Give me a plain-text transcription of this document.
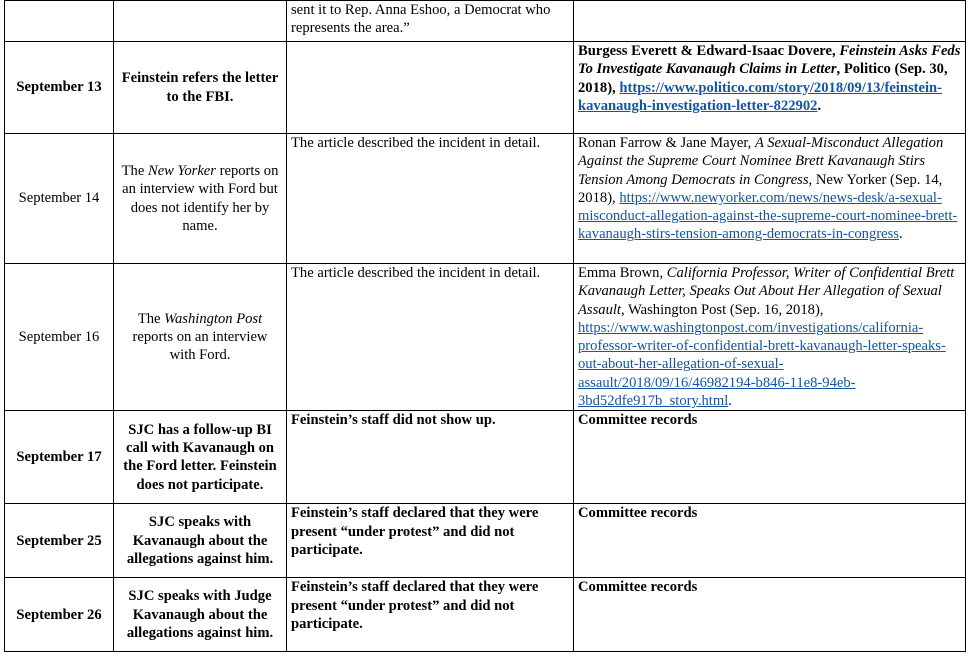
		sent it to Rep. Anna Eshoo, a Democrat who represents the area.”	
September 13	Feinstein refers the letter to the FBI.		Burgess Everett & Edward-Isaac Dovere, Feinstein Asks Feds To Investigate Kavanaugh Claims in Letter, Politico (Sep. 30, 2018), https://www.politico.com/story/2018/09/13/feinstein-kavanaugh-investigation-letter-822902.
September 14	The New Yorker reports on an interview with Ford but does not identify her by name.	The article described the incident in detail.	Ronan Farrow & Jane Mayer, A Sexual-Misconduct Allegation Against the Supreme Court Nominee Brett Kavanaugh Stirs Tension Among Democrats in Congress, New Yorker (Sep. 14, 2018), https://www.newyorker.com/news/news-desk/a-sexual-misconduct-allegation-against-the-supreme-court-nominee-brett-kavanaugh-stirs-tension-among-democrats-in-congress.
September 16	The Washington Post reports on an interview with Ford.	The article described the incident in detail.	Emma Brown, California Professor, Writer of Confidential Brett Kavanaugh Letter, Speaks Out About Her Allegation of Sexual Assault, Washington Post (Sep. 16, 2018), https://www.washingtonpost.com/investigations/california-professor-writer-of-confidential-brett-kavanaugh-letter-speaks-out-about-her-allegation-of-sexual-assault/2018/09/16/46982194-b846-11e8-94eb-3bd52dfe917b_story.html.
September 17	SJC has a follow-up BI call with Kavanaugh on the Ford letter. Feinstein does not participate.	Feinstein’s staff did not show up.	Committee records
September 25	SJC speaks with Kavanaugh about the allegations against him.	Feinstein’s staff declared that they were present “under protest” and did not participate.	Committee records
September 26	SJC speaks with Judge Kavanaugh about the allegations against him.	Feinstein’s staff declared that they were present “under protest” and did not participate.	Committee records
